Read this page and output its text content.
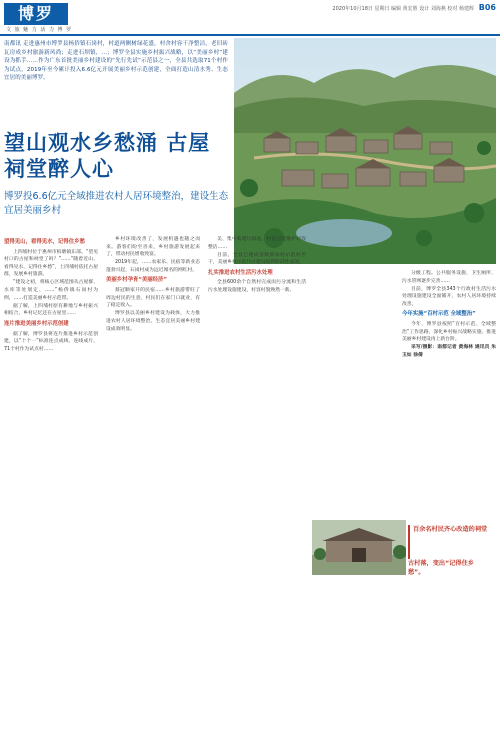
博罗
文 旅 魅 力 活 力 博 罗
2020年10月18日 星期日 编辑 黄宏胜 设计 刘海燕 校对 杨建辉 B06
南都讯 走进惠州市博罗县杨侨镇石岗村，村道两侧树绿花盛，村舍村容干净整洁，老旧砖瓦房成乡村旅游新风尚；走进石坝镇，…；博罗全县实施乡村振兴战略，以“美丽乡村”建设为抓手……作为广东首批美丽乡村建设的“先行先试”示范县之一，全县共选取71个村作为试点，2019年至今累计投入6.6亿元开展美丽乡村示范创建，全面打造山清水秀、生态宜居的美丽博罗。
望山观水乡愁涌 古屋祠堂醉人心
博罗投6.6亿元全域推进农村人居环境整治，建设生态宜居美丽乡村
望得见山，看得见水，记得住乡愁

上四埔村位于惠州市柏塘镇东部。“望见村口的古屋和祠堂了吗？”……“随着近山、看得见水、记得住乡愁”，上四埔村依托古屋群，发展乡村旅游。

“建设之初，将核心区域范围从古屋群、水库等处划定，……”杨侨镇石岗村为例，……打造美丽乡村示范带。

据了解，上四埔村原有耕地与乡村振兴相结合，乡村记忆还在古屋里……

连片推进美丽乡村示范创建

据了解，博罗县将连片推进乡村示范创建，以“十个一”标准连点成线、连线成片，71个村作为试点村……

乡村环境改善了，发展机遇也随之而来。游客们纷至沓来，乡村旅游发展起来了，带动村民增收致富。

2019年起，……农家乐、民宿等新业态蓬勃兴起，石岗村成为远近闻名的网红村。

美丽乡村孕育“美丽经济”

蔡冠顺家开的民宿……乡村旅游带旺了周边村民的生意，村民们在家门口就业，有了稳定收入。

博罗县以美丽乡村建设为载体，大力推进农村人居环境整治，生态宜居美丽乡村建设成效明显。

美、集中新建垃圾池、村民自觉维护村容整洁……

目前，全县已建成省级新农村示范村若干，美丽乡村示范片区建设取得阶段性成效。

扎实推进农村生活污水处理

全县600余个自然村完成雨污分流和生活污水处理设施建设，村容村貌焕然一新。

分级工程。公共服务设施、卫生厕所、污水管网逐步完善……

目前，博罗全县343个行政村生活污水处理设施建设全面铺开，农村人居环境持续改善。

今年实施“百村示范 全域整治”

今年，博罗县按照“百村示范、全域整治”工作思路，深化乡村振兴战略实施，推进美丽乡村建设再上新台阶。

采写/摄影：南都记者 黄海林 通讯员 朱玉如 徐倩

百余名村民齐心改造的祠堂古村落，变出“记得住乡愁”。
